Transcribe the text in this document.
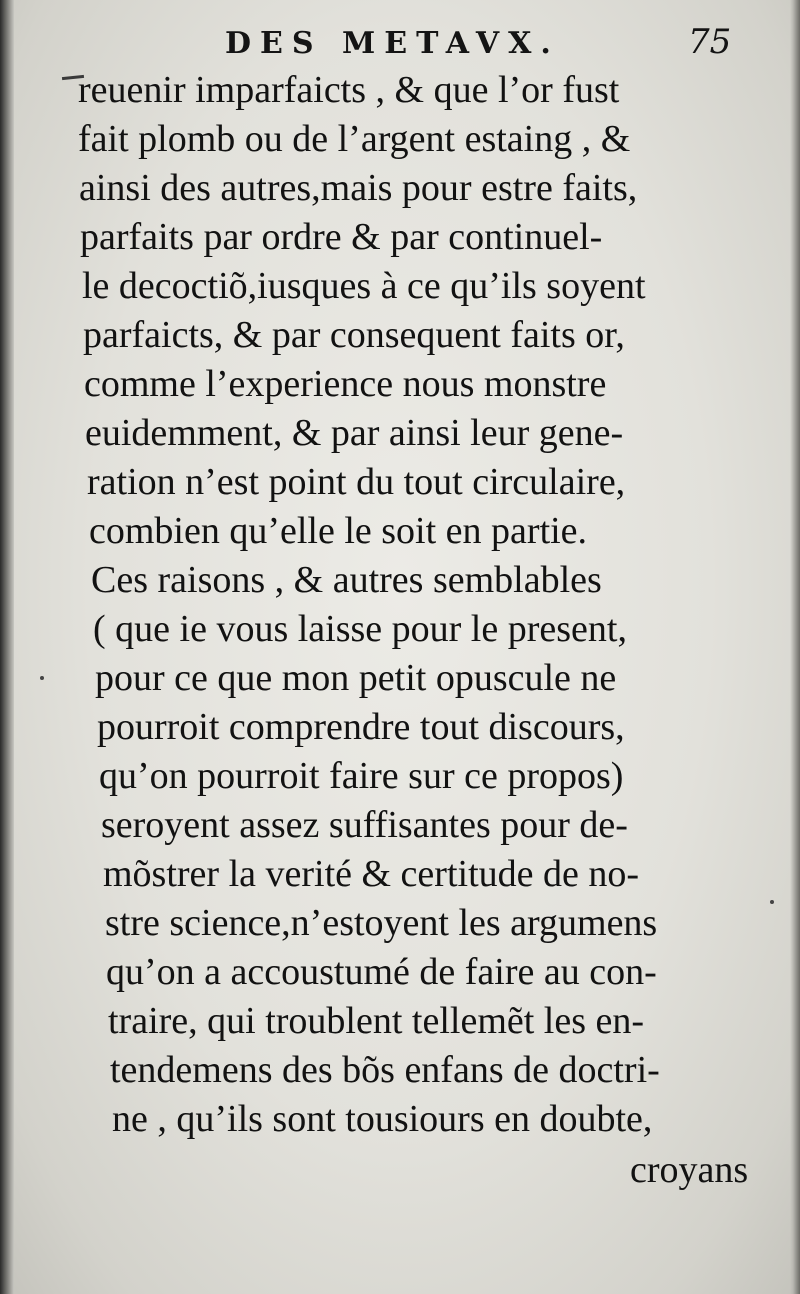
DES METAVX.	75
reuenir imparfaicts , & que l’or fust
fait plomb ou de l’argent estaing , &
ainsi des autres,mais pour estre faits,
parfaits par ordre & par continuel-
le decoctiõ,iusques à ce qu’ils soyent
parfaicts, & par consequent faits or,
comme l’experience nous monstre
euidemment, & par ainsi leur gene-
ration n’est point du tout circulaire,
combien qu’elle le soit en partie.
Ces raisons , & autres semblables
( que ie vous laisse pour le present,
pour ce que mon petit opuscule ne
pourroit comprendre tout discours,
qu’on pourroit faire sur ce propos)
seroyent assez suffisantes pour de-
mõstrer la verité & certitude de no-
stre science,n’estoyent les argumens
qu’on a accoustumé de faire au con-
traire, qui troublent tellemẽt les en-
tendemens des bõs enfans de doctri-
ne , qu’ils sont tousiours en doubte,
croyans
